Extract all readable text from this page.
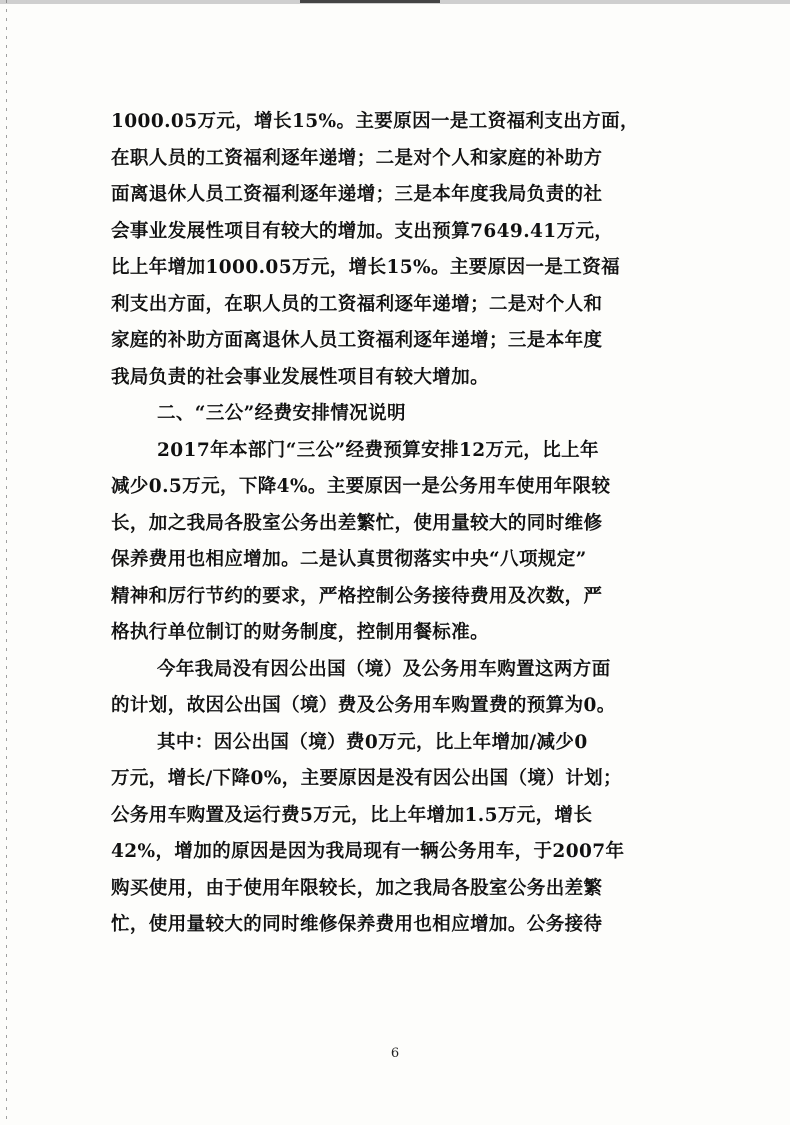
1000.05万元，增长15%。主要原因一是工资福利支出方面，
在职人员的工资福利逐年递增；二是对个人和家庭的补助方
面离退休人员工资福利逐年递增；三是本年度我局负责的社
会事业发展性项目有较大的增加。支出预算7649.41万元，
比上年增加1000.05万元，增长15%。主要原因一是工资福
利支出方面，在职人员的工资福利逐年递增；二是对个人和
家庭的补助方面离退休人员工资福利逐年递增；三是本年度
我局负责的社会事业发展性项目有较大增加。
二、“三公”经费安排情况说明
2017年本部门“三公”经费预算安排12万元，比上年
减少0.5万元，下降4%。主要原因一是公务用车使用年限较
长，加之我局各股室公务出差繁忙，使用量较大的同时维修
保养费用也相应增加。二是认真贯彻落实中央“八项规定”
精神和厉行节约的要求，严格控制公务接待费用及次数，严
格执行单位制订的财务制度，控制用餐标准。
今年我局没有因公出国（境）及公务用车购置这两方面
的计划，故因公出国（境）费及公务用车购置费的预算为0。
其中：因公出国（境）费0万元，比上年增加/减少0
万元，增长/下降0%，主要原因是没有因公出国（境）计划；
公务用车购置及运行费5万元，比上年增加1.5万元，增长
42%，增加的原因是因为我局现有一辆公务用车，于2007年
购买使用，由于使用年限较长，加之我局各股室公务出差繁
忙，使用量较大的同时维修保养费用也相应增加。公务接待
6
